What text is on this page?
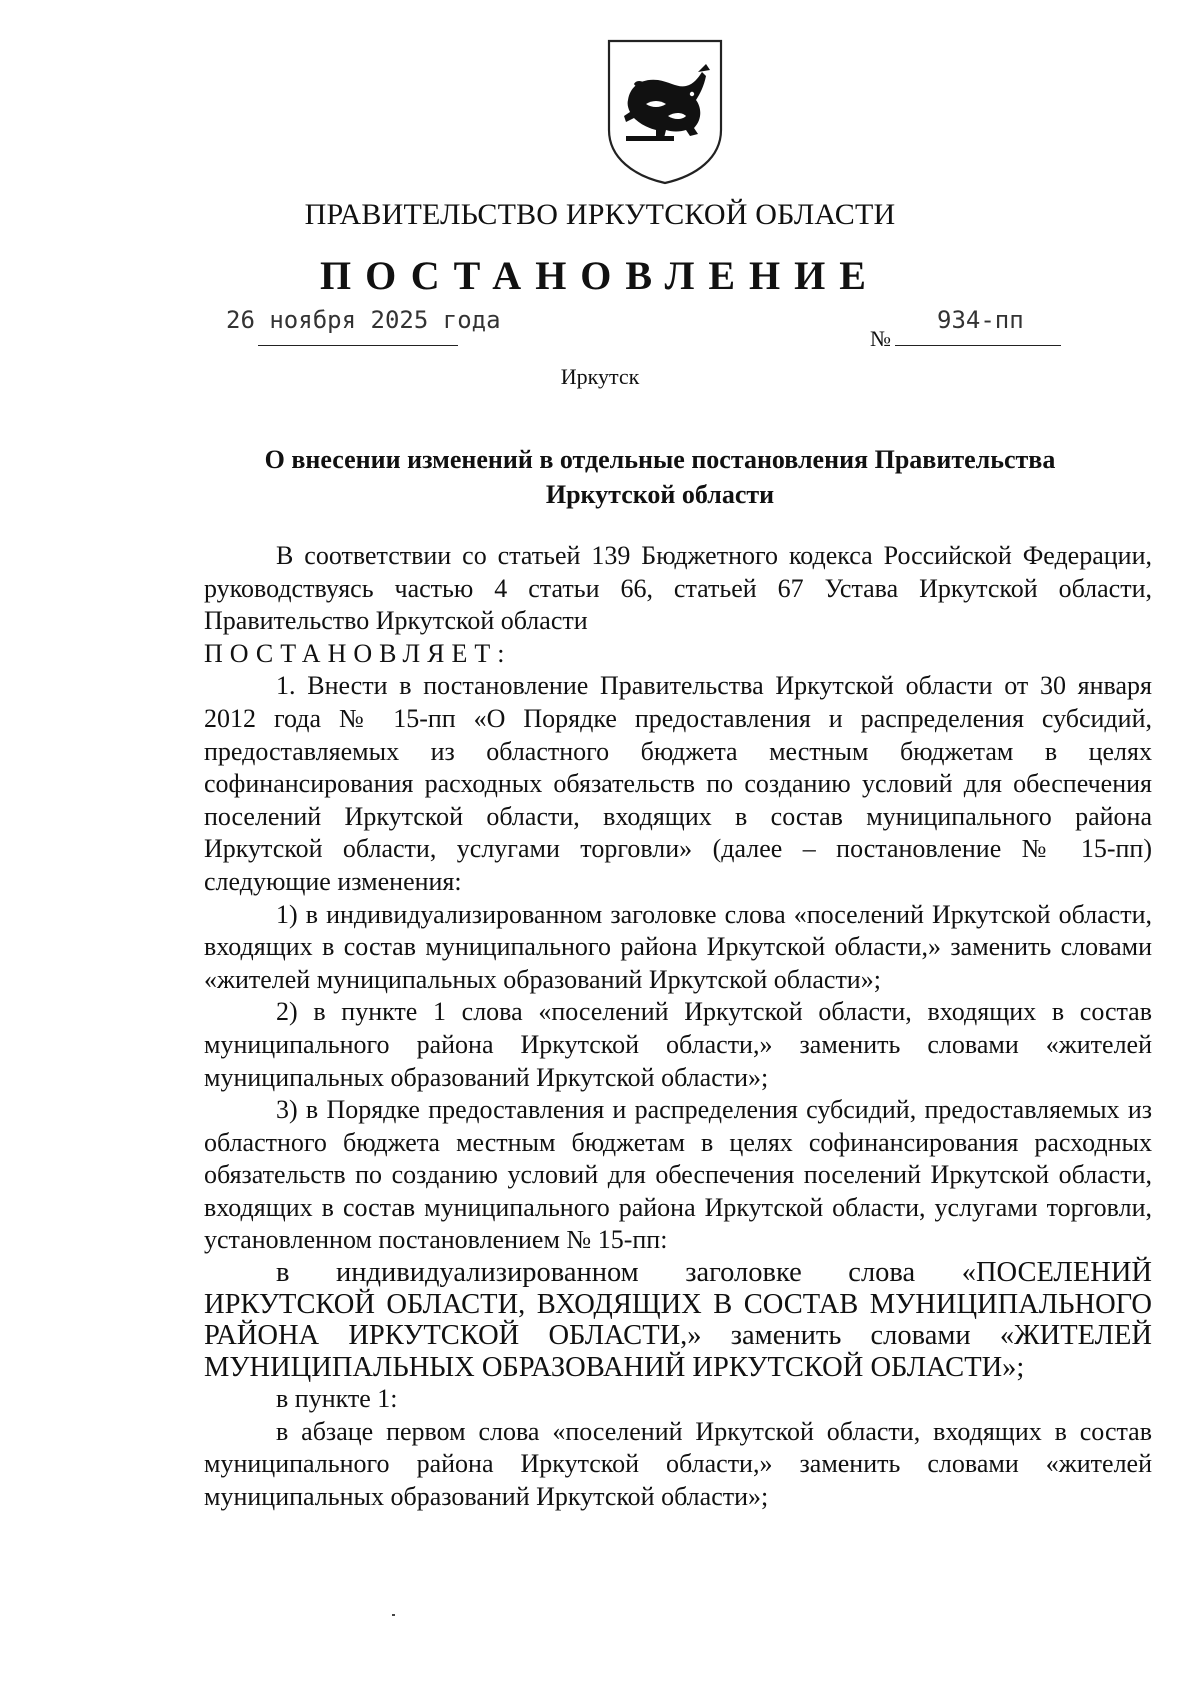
ПРАВИТЕЛЬСТВО ИРКУТСКОЙ ОБЛАСТИ
ПОСТАНОВЛЕНИЕ
26 ноября 2025 года
№
934-пп
Иркутск
О внесении изменений в отдельные постановления Правительства
Иркутской области

В соответствии со статьей 139 Бюджетного кодекса Российской Федерации, руководствуясь частью 4 статьи 66, статьей 67 Устава Иркутской области, Правительство Иркутской области

ПОСТАНОВЛЯЕТ:

1. Внести в постановление Правительства Иркутской области от 30 января 2012 года № 15-пп «О Порядке предоставления и распределения субсидий, предоставляемых из областного бюджета местным бюджетам в целях софинансирования расходных обязательств по созданию условий для обеспечения поселений Иркутской области, входящих в состав муниципального района Иркутской области, услугами торговли» (далее – постановление № 15-пп) следующие изменения:

1) в индивидуализированном заголовке слова «поселений Иркутской области, входящих в состав муниципального района Иркутской области,» заменить словами «жителей муниципальных образований Иркутской области»;

2) в пункте 1 слова «поселений Иркутской области, входящих в состав муниципального района Иркутской области,» заменить словами «жителей муниципальных образований Иркутской области»;

3) в Порядке предоставления и распределения субсидий, предоставляемых из областного бюджета местным бюджетам в целях софинансирования расходных обязательств по созданию условий для обеспечения поселений Иркутской области, входящих в состав муниципального района Иркутской области, услугами торговли, установленном постановлением № 15-пп:

в индивидуализированном заголовке слова «ПОСЕЛЕНИЙ ИРКУТСКОЙ ОБЛАСТИ, ВХОДЯЩИХ В СОСТАВ МУНИЦИПАЛЬНОГО РАЙОНА ИРКУТСКОЙ ОБЛАСТИ,» заменить словами «ЖИТЕЛЕЙ МУНИЦИПАЛЬНЫХ ОБРАЗОВАНИЙ ИРКУТСКОЙ ОБЛАСТИ»;

в пункте 1:

в абзаце первом слова «поселений Иркутской области, входящих в состав муниципального района Иркутской области,» заменить словами «жителей муниципальных образований Иркутской области»;
